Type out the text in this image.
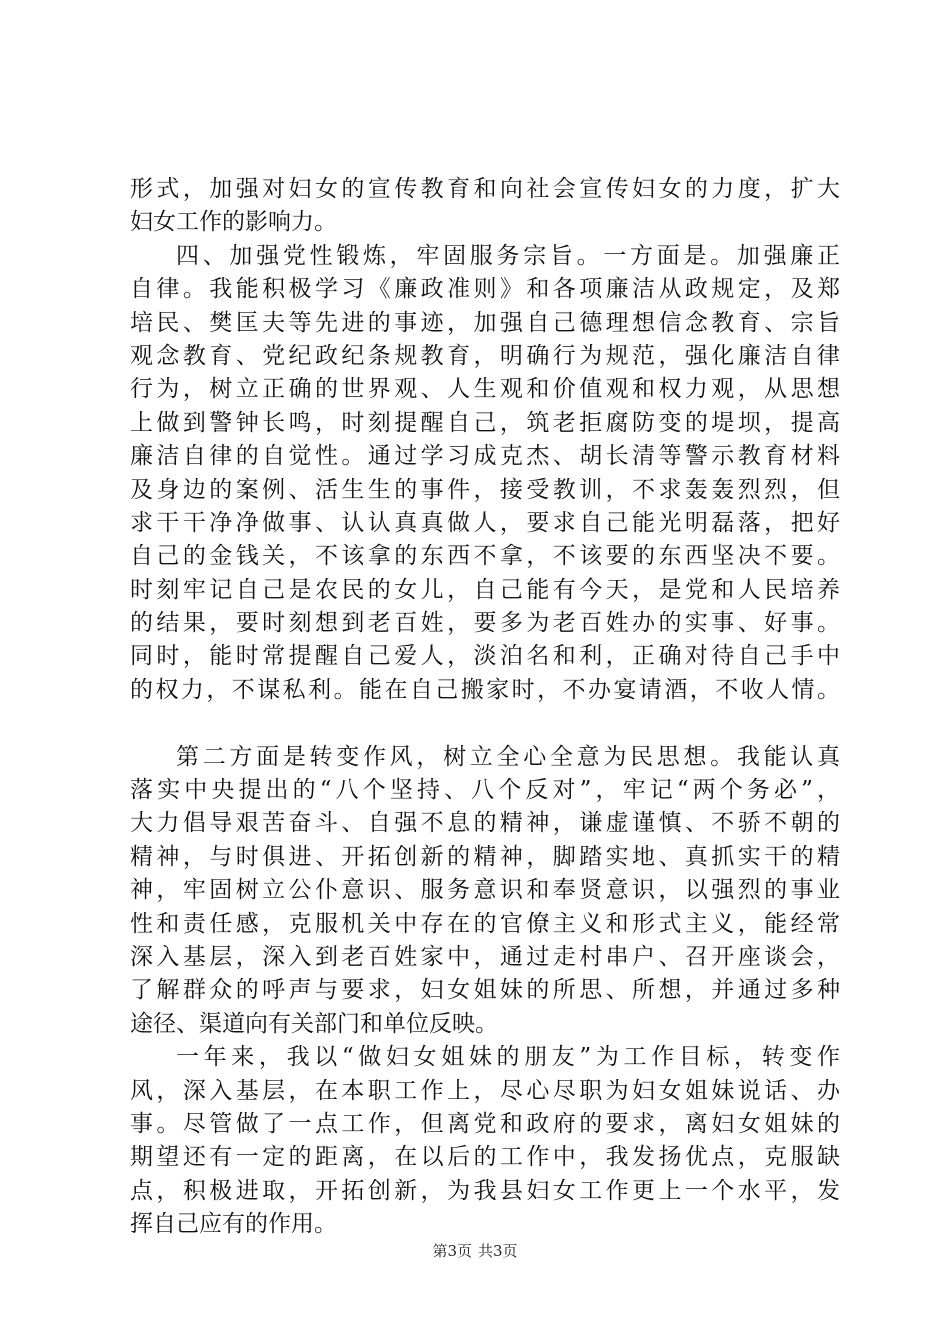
形式，加强对妇女的宣传教育和向社会宣传妇女的力度，扩大
妇女工作的影响力。
四、加强党性锻炼，牢固服务宗旨。一方面是。加强廉正
自律。我能积极学习《廉政准则》和各项廉洁从政规定，及郑
培民、樊匡夫等先进的事迹，加强自己德理想信念教育、宗旨
观念教育、党纪政纪条规教育，明确行为规范，强化廉洁自律
行为，树立正确的世界观、人生观和价值观和权力观，从思想
上做到警钟长鸣，时刻提醒自己，筑老拒腐防变的堤坝，提高
廉洁自律的自觉性。通过学习成克杰、胡长清等警示教育材料
及身边的案例、活生生的事件，接受教训，不求轰轰烈烈，但
求干干净净做事、认认真真做人，要求自己能光明磊落，把好
自己的金钱关，不该拿的东西不拿，不该要的东西坚决不要。
时刻牢记自己是农民的女儿，自己能有今天，是党和人民培养
的结果，要时刻想到老百姓，要多为老百姓办的实事、好事。
同时，能时常提醒自己爱人，淡泊名和利，正确对待自己手中
的权力，不谋私利。能在自己搬家时，不办宴请酒，不收人情。
第二方面是转变作风，树立全心全意为民思想。我能认真
落实中央提出的“八个坚持、八个反对”，牢记“两个务必”，
大力倡导艰苦奋斗、自强不息的精神，谦虚谨慎、不骄不朝的
精神，与时俱进、开拓创新的精神，脚踏实地、真抓实干的精
神，牢固树立公仆意识、服务意识和奉贤意识，以强烈的事业
性和责任感，克服机关中存在的官僚主义和形式主义，能经常
深入基层，深入到老百姓家中，通过走村串户、召开座谈会，
了解群众的呼声与要求，妇女姐妹的所思、所想，并通过多种
途径、渠道向有关部门和单位反映。
一年来，我以“做妇女姐妹的朋友”为工作目标，转变作
风，深入基层，在本职工作上，尽心尽职为妇女姐妹说话、办
事。尽管做了一点工作，但离党和政府的要求，离妇女姐妹的
期望还有一定的距离，在以后的工作中，我发扬优点，克服缺
点，积极进取，开拓创新，为我县妇女工作更上一个水平，发
挥自己应有的作用。
第3页 共3页
